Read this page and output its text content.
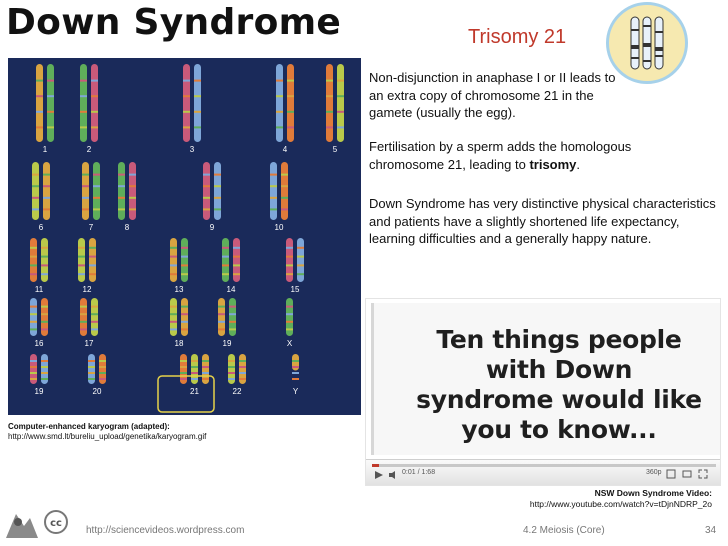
Down Syndrome	Trisomy 21
1	2	3	4	5
6	7	8	9	10
11	12	13	14	15
16	17	18	19	X
19	20	21	22	Y
Computer-enhanced karyogram (adapted):
http://www.smd.lt/bureliu_upload/genetika/karyogram.gif
Non-disjunction in anaphase I or II leads to an extra copy of chromosome 21 in the gamete (usually the egg).
Fertilisation by a sperm adds the homologous chromosome 21, leading to trisomy.
Down Syndrome has very distinctive physical characteristics and patients have a slightly shortened life expectancy, learning difficulties and a generally happy nature.
Ten things people with Down syndrome would like you to know...
0:01 / 1:68	360p
NSW Down Syndrome Video:
http://www.youtube.com/watch?v=tDjnNDRP_2o
cc
http://sciencevideos.wordpress.com	4.2 Meiosis (Core)	34
